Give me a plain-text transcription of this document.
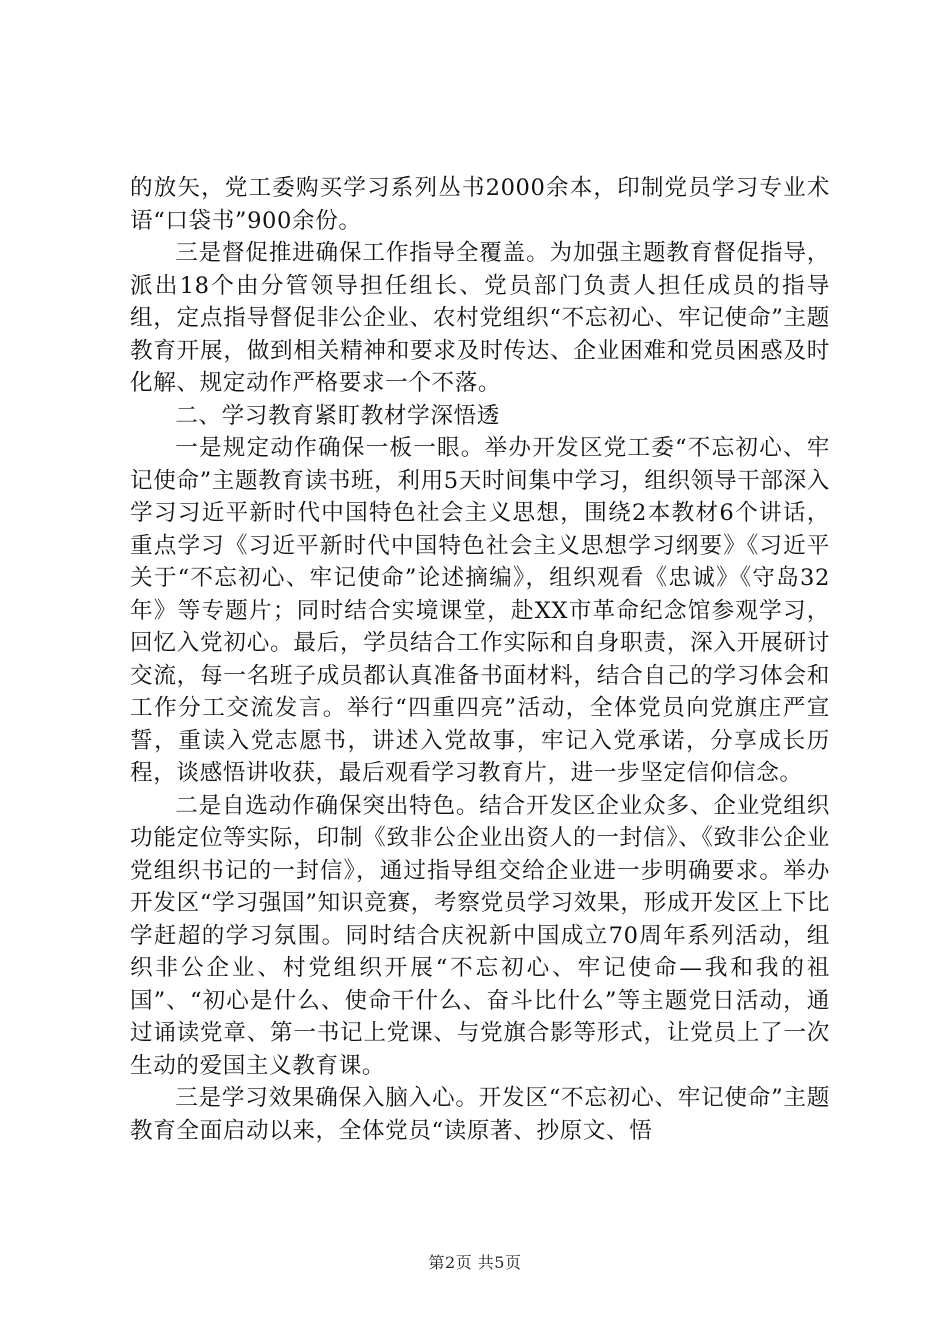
的放矢，党工委购买学习系列丛书2000余本，印制党员学习专业术语“口袋书”900余份。

三是督促推进确保工作指导全覆盖。为加强主题教育督促指导，派出18个由分管领导担任组长、党员部门负责人担任成员的指导组，定点指导督促非公企业、农村党组织“不忘初心、牢记使命”主题教育开展，做到相关精神和要求及时传达、企业困难和党员困惑及时化解、规定动作严格要求一个不落。

二、学习教育紧盯教材学深悟透

一是规定动作确保一板一眼。举办开发区党工委“不忘初心、牢记使命”主题教育读书班，利用5天时间集中学习，组织领导干部深入学习习近平新时代中国特色社会主义思想，围绕2本教材6个讲话，重点学习《习近平新时代中国特色社会主义思想学习纲要》《习近平关于“不忘初心、牢记使命”论述摘编》，组织观看《忠诚》《守岛32年》等专题片；同时结合实境课堂，赴XX市革命纪念馆参观学习，回忆入党初心。最后，学员结合工作实际和自身职责，深入开展研讨交流，每一名班子成员都认真准备书面材料，结合自己的学习体会和工作分工交流发言。举行“四重四亮”活动，全体党员向党旗庄严宣誓，重读入党志愿书，讲述入党故事，牢记入党承诺，分享成长历程，谈感悟讲收获，最后观看学习教育片，进一步坚定信仰信念。

二是自选动作确保突出特色。结合开发区企业众多、企业党组织功能定位等实际，印制《致非公企业出资人的一封信》、《致非公企业党组织书记的一封信》，通过指导组交给企业进一步明确要求。举办开发区“学习强国”知识竞赛，考察党员学习效果，形成开发区上下比学赶超的学习氛围。同时结合庆祝新中国成立70周年系列活动，组织非公企业、村党组织开展“不忘初心、牢记使命—我和我的祖国”、“初心是什么、使命干什么、奋斗比什么”等主题党日活动，通过诵读党章、第一书记上党课、与党旗合影等形式，让党员上了一次生动的爱国主义教育课。

三是学习效果确保入脑入心。开发区“不忘初心、牢记使命”主题教育全面启动以来，全体党员“读原著、抄原文、悟

第2页 共5页
